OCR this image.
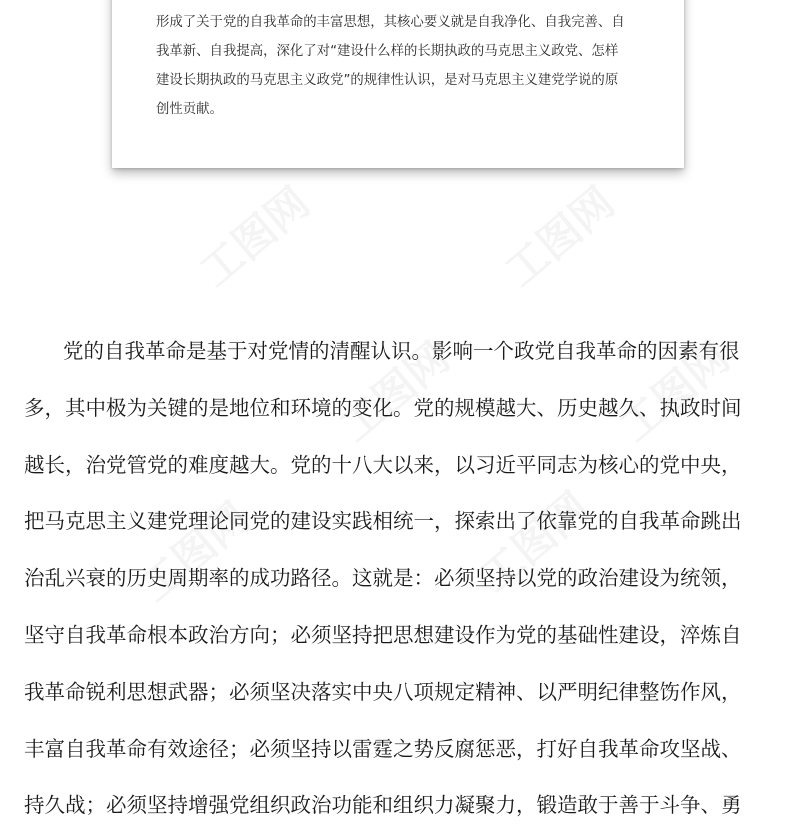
工图网	工图网
工图网	工图网
工图网	工图网

形成了关于党的自我革命的丰富思想，其核心要义就是自我净化、自我完善、自
我革新、自我提高，深化了对“建设什么样的长期执政的马克思主义政党、怎样
建设长期执政的马克思主义政党”的规律性认识，是对马克思主义建党学说的原
创性贡献。

党的自我革命是基于对党情的清醒认识。影响一个政党自我革命的因素有很
多，其中极为关键的是地位和环境的变化。党的规模越大、历史越久、执政时间
越长，治党管党的难度越大。党的十八大以来，以习近平同志为核心的党中央，
把马克思主义建党理论同党的建设实践相统一，探索出了依靠党的自我革命跳出
治乱兴衰的历史周期率的成功路径。这就是：必须坚持以党的政治建设为统领，
坚守自我革命根本政治方向；必须坚持把思想建设作为党的基础性建设，淬炼自
我革命锐利思想武器；必须坚决落实中央八项规定精神、以严明纪律整饬作风，
丰富自我革命有效途径；必须坚持以雷霆之势反腐惩恶，打好自我革命攻坚战、
持久战；必须坚持增强党组织政治功能和组织力凝聚力，锻造敢于善于斗争、勇
